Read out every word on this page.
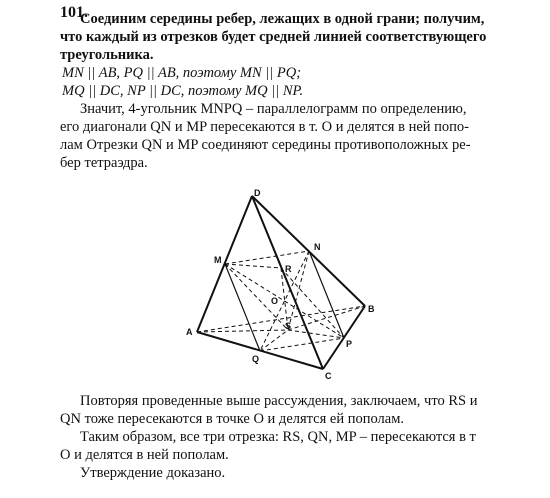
101.
Соединим середины ребер, лежащих в одной грани; получим,
что каждый из отрезков будет средней линией соответствующего
треугольника.
MN || AB, PQ || AB, поэтому MN || PQ;
MQ || DC, NP || DC, поэтому MQ || NP.
Значит, 4-угольник MNPQ – параллелограмм по определению,
его диагонали QN и MP пересекаются в т. O и делятся в ней попо-
лам Отрезки QN и MP соединяют середины противоположных ре-
бер тетраэдра.
D
M
N
R
O
S
A
B
P
Q
C
Повторяя проведенные выше рассуждения, заключаем, что RS и
QN тоже пересекаются в точке O и делятся ей пополам.
Таким образом, все три отрезка: RS, QN, MP – пересекаются в т
O и делятся в ней пополам.
Утверждение доказано.
